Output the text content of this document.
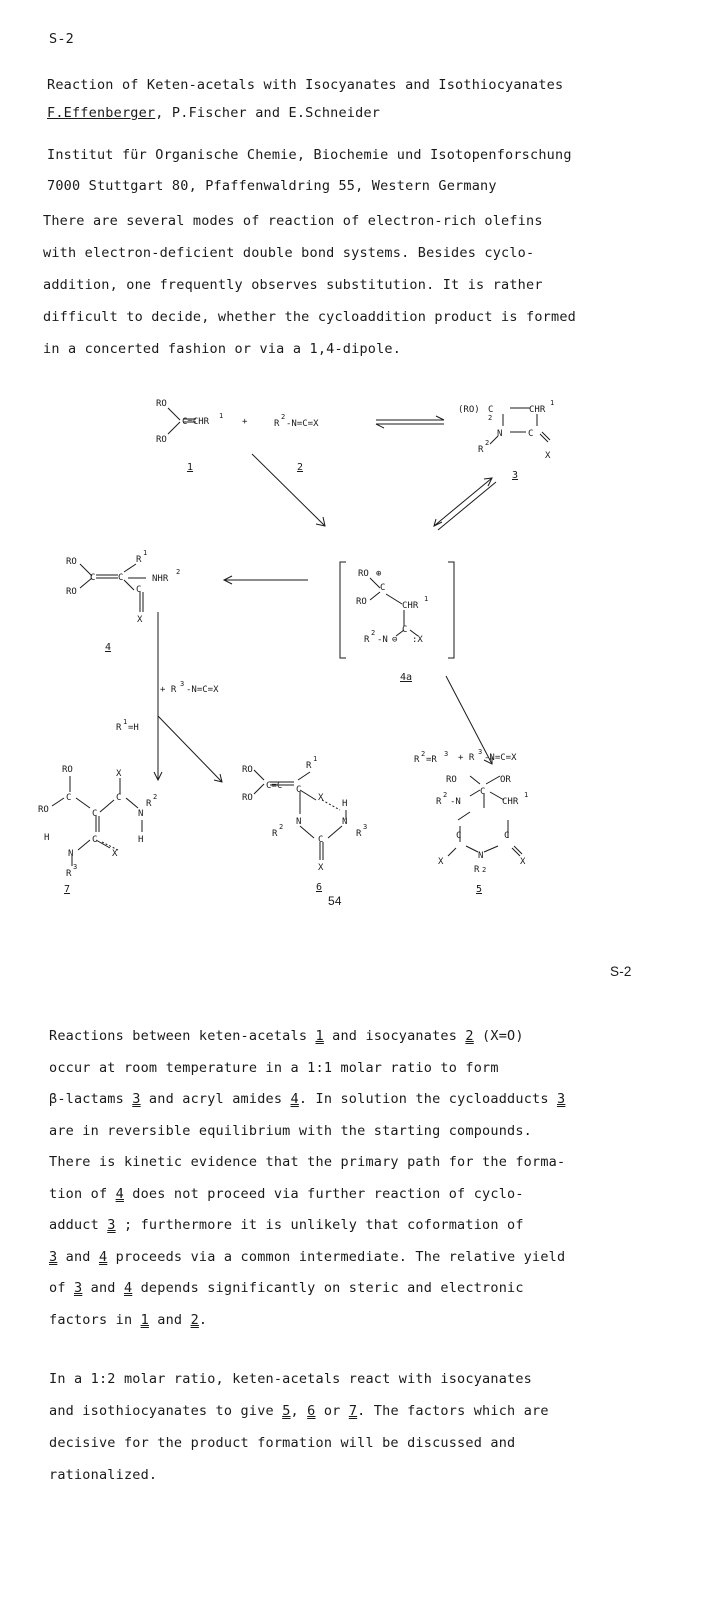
S-2
Reaction of Keten-acetals with Isocyanates and Isothiocyanates
F.Effenberger, P.Fischer and E.Schneider
Institut für Organische Chemie, Biochemie und Isotopenforschung
7000 Stuttgart 80, Pfaffenwaldring 55, Western Germany
There are several modes of reaction of electron-rich olefins
with electron-deficient double bond systems. Besides cyclo-
addition, one frequently observes substitution. It is rather
difficult to decide, whether the cycloaddition product is formed
in a concerted fashion or via a 1,4-dipole.
RO
RO
C=CHR
1
+	R
2
-N=C=X
(RO) C
2
CHR
1
N	C
R
2
X
RO
RO
C	C
R
1
NHR
2
C
X
RO ⊕
C
RO	CHR
1
C
R
2
-N ⊖ :X
+ R
3
-N=C=X
R
1
=H
R
2
=R
3 + R
3
-N=C=X
RO
RO
C
X
C
C	N
R
2
C	H
H
N	X
R
3
RO
RO
C=C
R
1
X
C
H
N	N
R
2
R
3
C
X
RO	OR
C
R
2
-N	CHR
1
C	C
X	X
N
2
R
1	2
3
4
4a
5
6
7
54
S-2
Reactions between keten-acetals 1 and isocyanates 2 (X=O)
occur at room temperature in a 1:1 molar ratio to form
β-lactams 3 and acryl amides 4. In solution the cycloadducts 3
are in reversible equilibrium with the starting compounds.
There is kinetic evidence that the primary path for the forma-
tion of 4 does not proceed via further reaction of cyclo-
adduct 3 ; furthermore it is unlikely that coformation of
3 and 4 proceeds via a common intermediate. The relative yield
of 3 and 4 depends significantly on steric and electronic
factors in 1 and 2.
In a 1:2 molar ratio, keten-acetals react with isocyanates
and isothiocyanates to give 5, 6 or 7. The factors which are
decisive for the product formation will be discussed and
rationalized.
